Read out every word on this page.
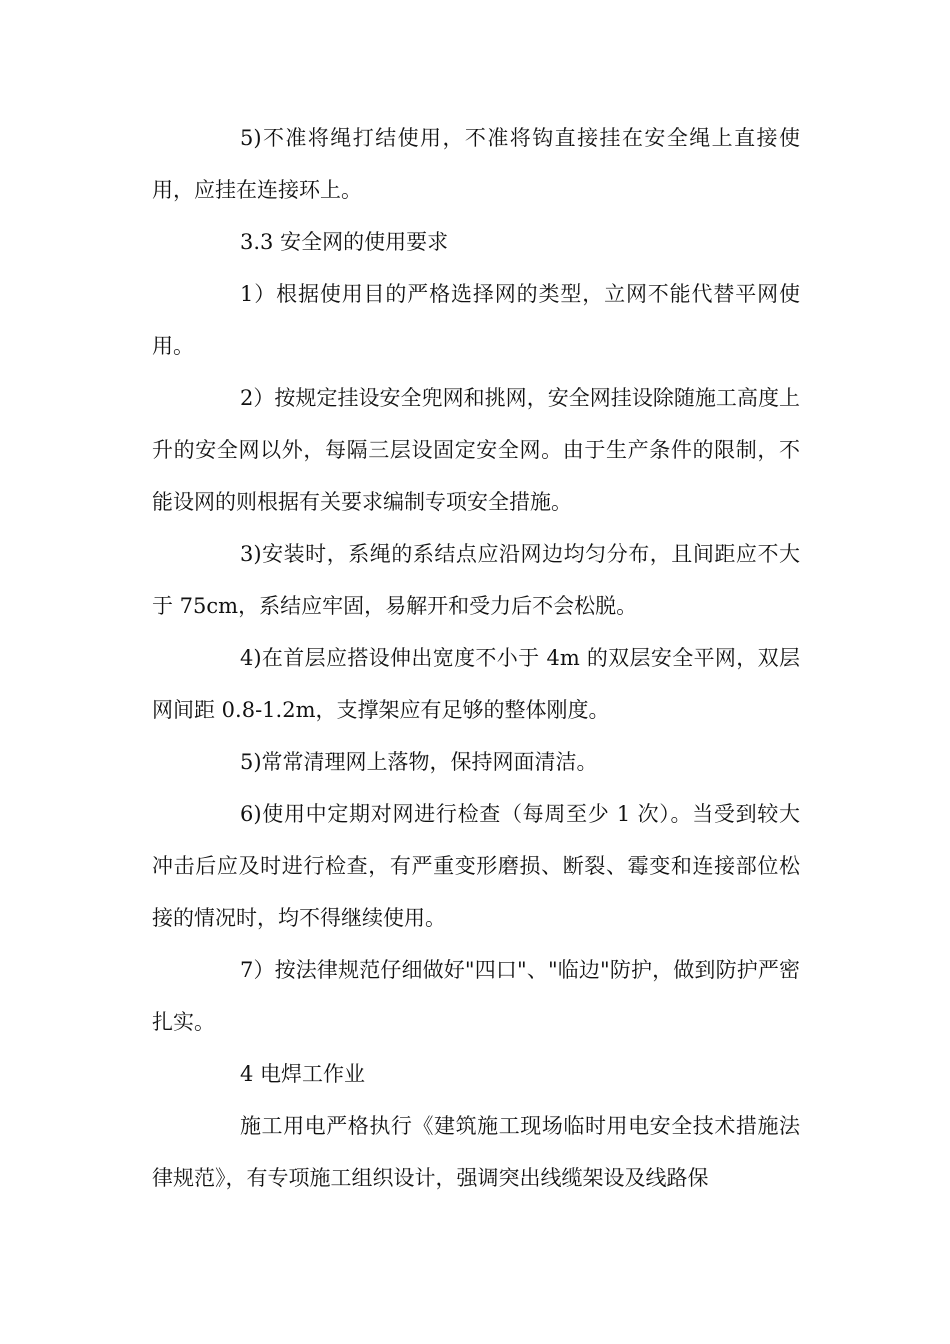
5)不准将绳打结使用，不准将钩直接挂在安全绳上直接使用，应挂在连接环上。

3.3 安全网的使用要求

1）根据使用目的严格选择网的类型，立网不能代替平网使用。

2）按规定挂设安全兜网和挑网，安全网挂设除随施工高度上升的安全网以外，每隔三层设固定安全网。由于生产条件的限制，不能设网的则根据有关要求编制专项安全措施。

3)安装时，系绳的系结点应沿网边均匀分布，且间距应不大于 75cm，系结应牢固，易解开和受力后不会松脱。

4)在首层应搭设伸出宽度不小于 4m 的双层安全平网，双层网间距 0.8-1.2m，支撑架应有足够的整体刚度。

5)常常清理网上落物，保持网面清洁。

6)使用中定期对网进行检查（每周至少 1 次）。当受到较大冲击后应及时进行检查，有严重变形磨损、断裂、霉变和连接部位松接的情况时，均不得继续使用。

7）按法律规范仔细做好"四口"、"临边"防护，做到防护严密扎实。

4 电焊工作业

施工用电严格执行《建筑施工现场临时用电安全技术措施法律规范》，有专项施工组织设计，强调突出线缆架设及线路保
